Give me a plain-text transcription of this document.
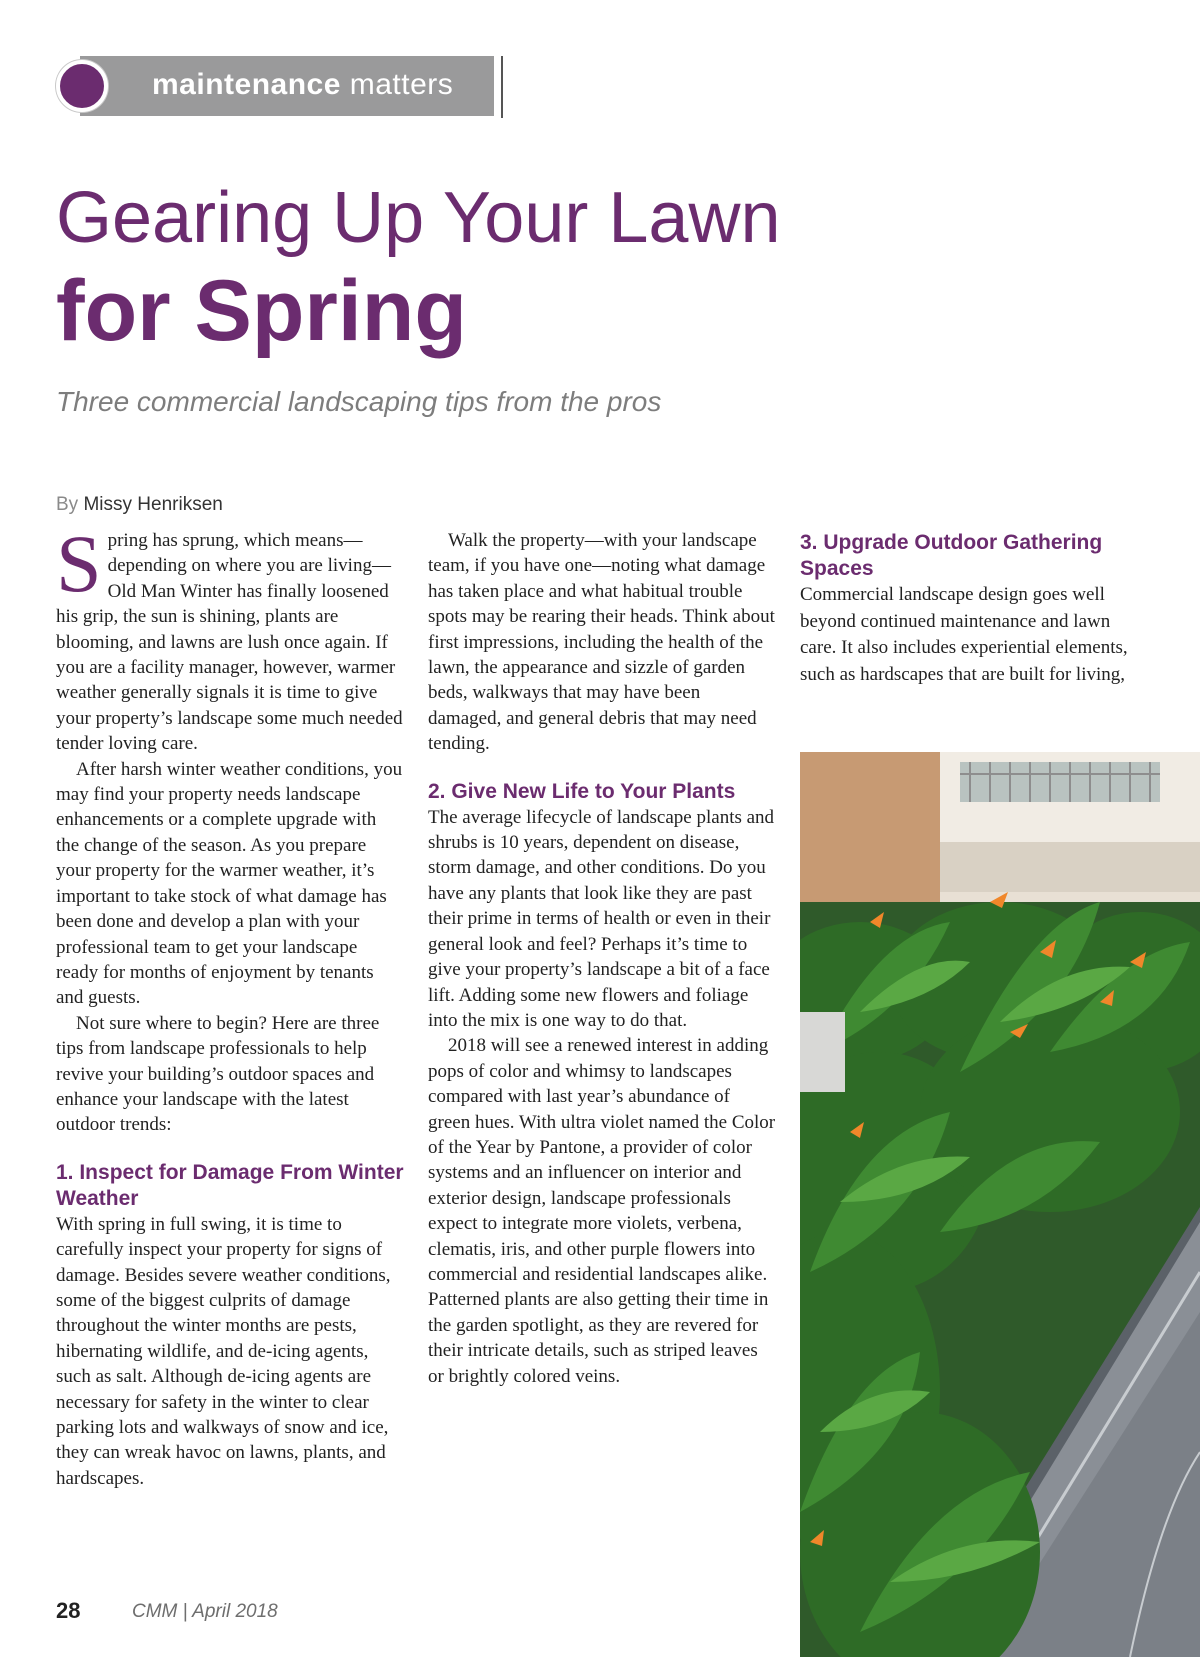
maintenance matters
Gearing Up Your Lawn
for Spring
Three commercial landscaping tips from the pros
By Missy Henriksen

Spring has sprung, which means—depending on where you are living—Old Man Winter has finally loosened his grip, the sun is shining, plants are blooming, and lawns are lush once again. If you are a facility manager, however, warmer weather generally signals it is time to give your property’s landscape some much needed tender loving care.

After harsh winter weather conditions, you may find your property needs landscape enhancements or a complete upgrade with the change of the season. As you prepare your property for the warmer weather, it’s important to take stock of what damage has been done and develop a plan with your professional team to get your landscape ready for months of enjoyment by tenants and guests.

Not sure where to begin? Here are three tips from landscape professionals to help revive your building’s outdoor spaces and enhance your landscape with the latest outdoor trends:

1. Inspect for Damage From Winter Weather

With spring in full swing, it is time to carefully inspect your property for signs of damage. Besides severe weather conditions, some of the biggest culprits of damage throughout the winter months are pests, hibernating wildlife, and de-icing agents, such as salt. Although de-icing agents are necessary for safety in the winter to clear parking lots and walkways of snow and ice, they can wreak havoc on lawns, plants, and hardscapes.

Walk the property—with your landscape team, if you have one—noting what damage has taken place and what habitual trouble spots may be rearing their heads. Think about first impressions, including the health of the lawn, the appearance and sizzle of garden beds, walkways that may have been damaged, and general debris that may need tending.

2. Give New Life to Your Plants

The average lifecycle of landscape plants and shrubs is 10 years, dependent on disease, storm damage, and other conditions. Do you have any plants that look like they are past their prime in terms of health or even in their general look and feel? Perhaps it’s time to give your property’s landscape a bit of a face lift. Adding some new flowers and foliage into the mix is one way to do that.

2018 will see a renewed interest in adding pops of color and whimsy to landscapes compared with last year’s abundance of green hues. With ultra violet named the Color of the Year by Pantone, a provider of color systems and an influencer on interior and exterior design, landscape professionals expect to integrate more violets, verbena, clematis, iris, and other purple flowers into commercial and residential landscapes alike. Patterned plants are also getting their time in the garden spotlight, as they are revered for their intricate details, such as striped leaves or brightly colored veins.

3. Upgrade Outdoor Gathering Spaces

Commercial landscape design goes well beyond continued maintenance and lawn care. It also includes experiential elements, such as hardscapes that are built for living,

28	CMM | April 2018
